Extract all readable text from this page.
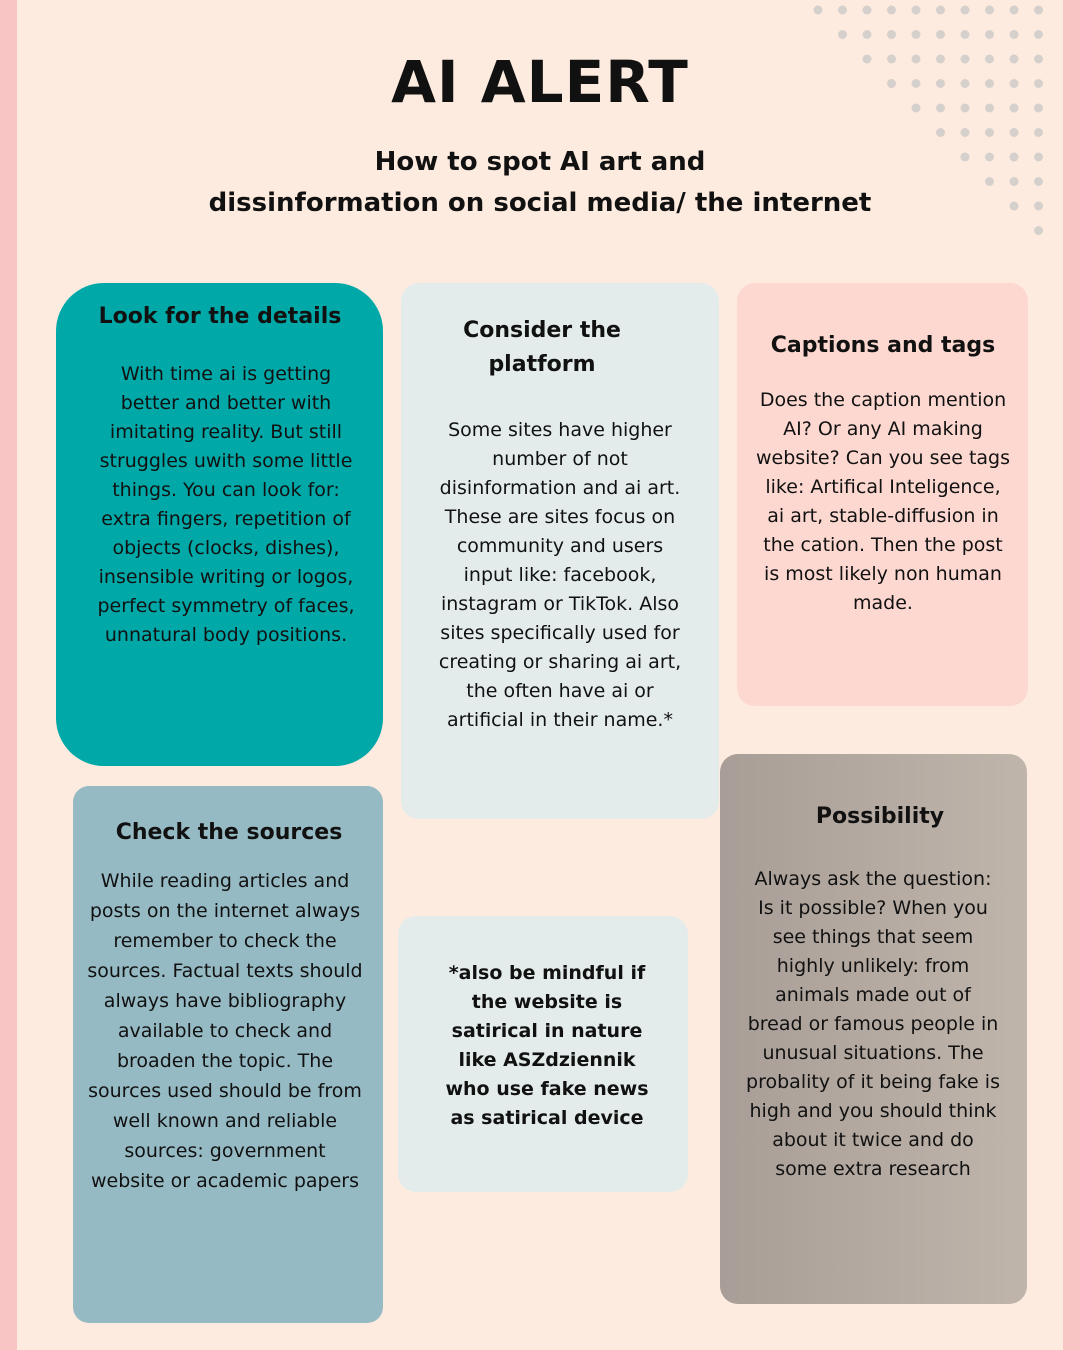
AI ALERT
How to spot AI art and
dissinformation on social media/ the internet
Look for the details

With time ai is getting better and better with imitating reality. But still struggles uwith some little things. You can look for: extra fingers, repetition of objects (clocks, dishes), insensible writing or logos, perfect symmetry of faces, unnatural body positions.

Consider the platform

Some sites have higher number of not disinformation and ai art. These are sites focus on community and users input like: facebook, instagram or TikTok. Also sites specifically used for creating or sharing ai art, the often have ai or artificial in their name.*

Captions and tags

Does the caption mention AI? Or any AI making website? Can you see tags like: Artifical Inteligence, ai art, stable-diffusion in the cation. Then the post is most likely non human made.

Check the sources

While reading articles and posts on the internet always remember to check the sources. Factual texts should always have bibliography available to check and broaden the topic. The sources used should be from well known and reliable sources: government website or academic papers

*also be mindful if the website is satirical in nature like ASZdziennik who use fake news as satirical device

Possibility

Always ask the question: Is it possible? When you see things that seem highly unlikely: from animals made out of bread or famous people in unusual situations. The probality of it being fake is high and you should think about it twice and do some extra research
